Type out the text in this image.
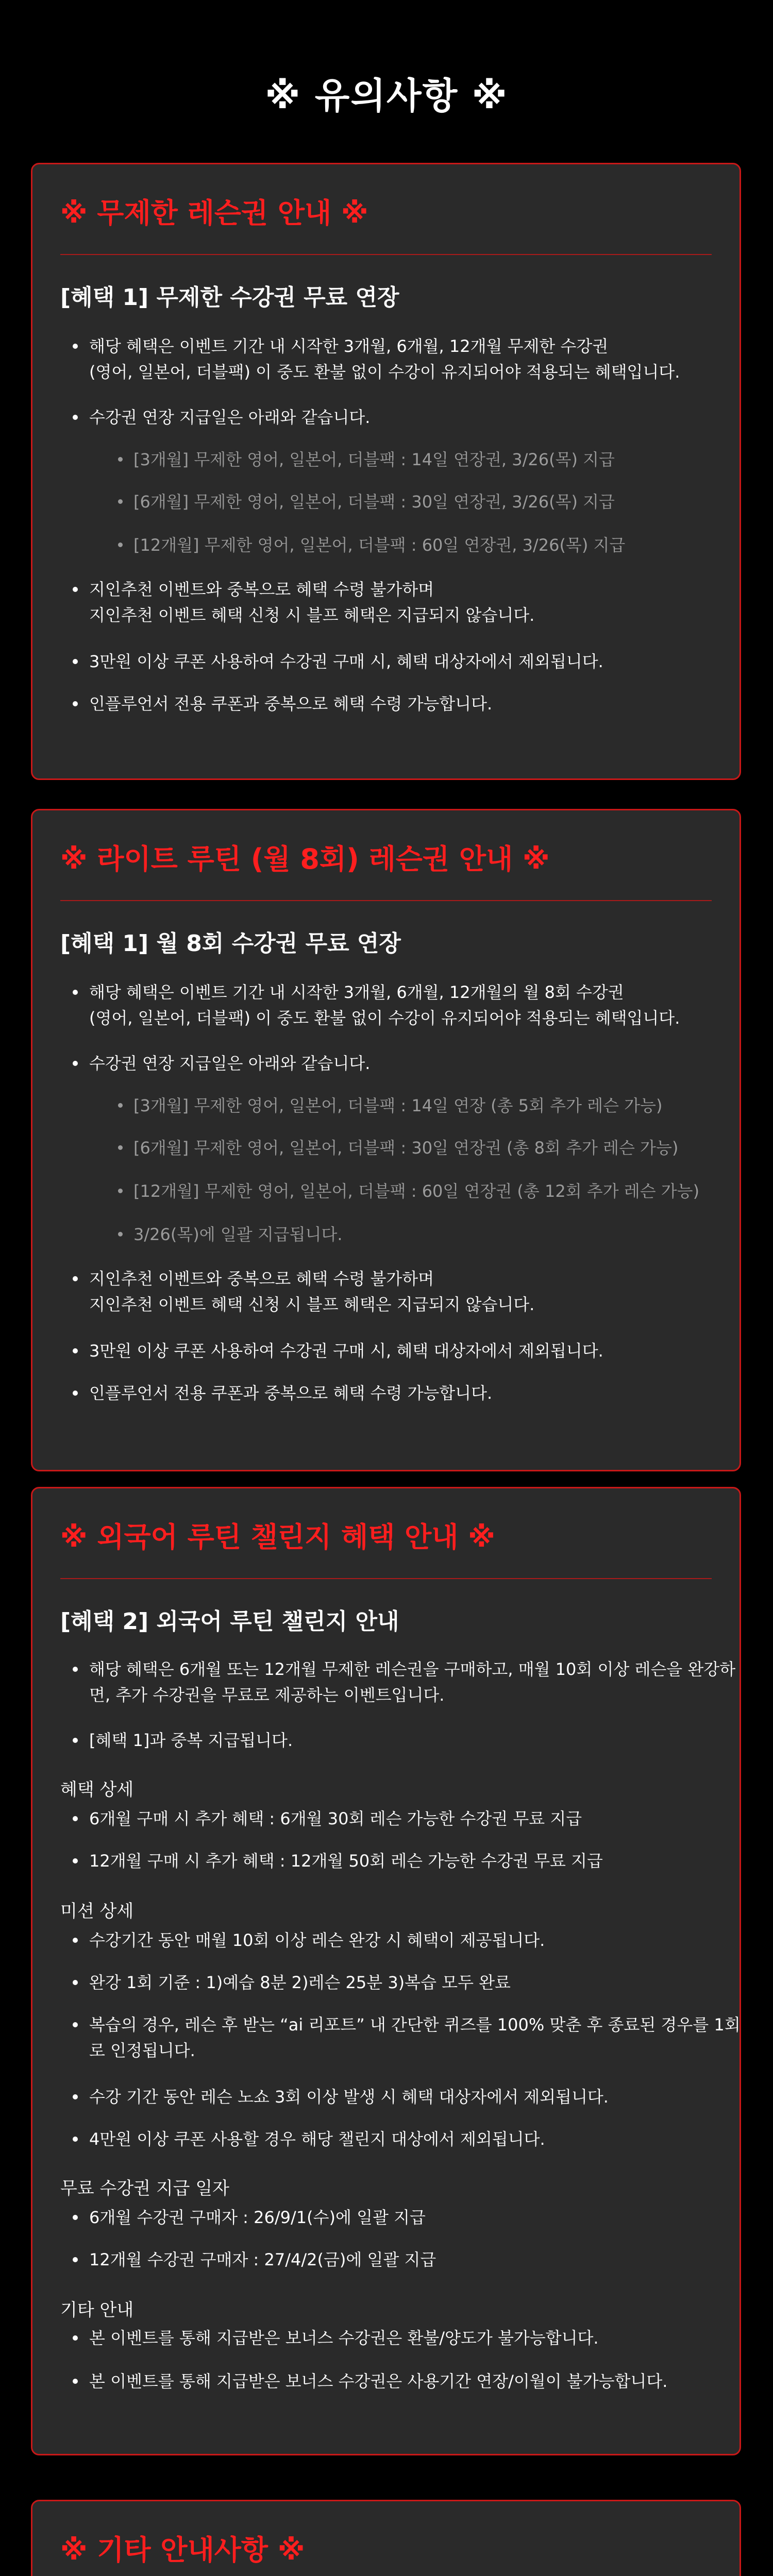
※ 유의사항 ※
※ 무제한 레슨권 안내 ※
[혜택 1] 무제한 수강권 무료 연장
해당 혜택은 이벤트 기간 내 시작한 3개월, 6개월, 12개월 무제한 수강권
(영어, 일본어, 더블팩) 이 중도 환불 없이 수강이 유지되어야 적용되는 혜택입니다.
수강권 연장 지급일은 아래와 같습니다.
[3개월] 무제한 영어, 일본어, 더블팩 : 14일 연장권, 3/26(목) 지급
[6개월] 무제한 영어, 일본어, 더블팩 : 30일 연장권, 3/26(목) 지급
[12개월] 무제한 영어, 일본어, 더블팩 : 60일 연장권, 3/26(목) 지급
지인추천 이벤트와 중복으로 혜택 수령 불가하며
지인추천 이벤트 혜택 신청 시 블프 혜택은 지급되지 않습니다.
3만원 이상 쿠폰 사용하여 수강권 구매 시, 혜택 대상자에서 제외됩니다.
인플루언서 전용 쿠폰과 중복으로 혜택 수령 가능합니다.
※ 라이트 루틴 (월 8회) 레슨권 안내 ※
[혜택 1] 월 8회 수강권 무료 연장
해당 혜택은 이벤트 기간 내 시작한 3개월, 6개월, 12개월의 월 8회 수강권
(영어, 일본어, 더블팩) 이 중도 환불 없이 수강이 유지되어야 적용되는 혜택입니다.
수강권 연장 지급일은 아래와 같습니다.
[3개월] 무제한 영어, 일본어, 더블팩 : 14일 연장 (총 5회 추가 레슨 가능)
[6개월] 무제한 영어, 일본어, 더블팩 : 30일 연장권 (총 8회 추가 레슨 가능)
[12개월] 무제한 영어, 일본어, 더블팩 : 60일 연장권 (총 12회 추가 레슨 가능)
3/26(목)에 일괄 지급됩니다.
지인추천 이벤트와 중복으로 혜택 수령 불가하며
지인추천 이벤트 혜택 신청 시 블프 혜택은 지급되지 않습니다.
3만원 이상 쿠폰 사용하여 수강권 구매 시, 혜택 대상자에서 제외됩니다.
인플루언서 전용 쿠폰과 중복으로 혜택 수령 가능합니다.
※ 외국어 루틴 챌린지 혜택 안내 ※
[혜택 2] 외국어 루틴 챌린지 안내
해당 혜택은 6개월 또는 12개월 무제한 레슨권을 구매하고, 매월 10회 이상 레슨을 완강하
면, 추가 수강권을 무료로 제공하는 이벤트입니다.
[혜택 1]과 중복 지급됩니다.
혜택 상세
6개월 구매 시 추가 혜택 : 6개월 30회 레슨 가능한 수강권 무료 지급
12개월 구매 시 추가 혜택 : 12개월 50회 레슨 가능한 수강권 무료 지급
미션 상세
수강기간 동안 매월 10회 이상 레슨 완강 시 혜택이 제공됩니다.
완강 1회 기준 : 1)예습 8분 2)레슨 25분 3)복습 모두 완료
복습의 경우, 레슨 후 받는 “ai 리포트” 내 간단한 퀴즈를 100% 맞춘 후 종료된 경우를 1회
로 인정됩니다.
수강 기간 동안 레슨 노쇼 3회 이상 발생 시 혜택 대상자에서 제외됩니다.
4만원 이상 쿠폰 사용할 경우 해당 챌린지 대상에서 제외됩니다.
무료 수강권 지급 일자
6개월 수강권 구매자 : 26/9/1(수)에 일괄 지급
12개월 수강권 구매자 : 27/4/2(금)에 일괄 지급
기타 안내
본 이벤트를 통해 지급받은 보너스 수강권은 환불/양도가 불가능합니다.
본 이벤트를 통해 지급받은 보너스 수강권은 사용기간 연장/이월이 불가능합니다.
※ 기타 안내사항 ※
